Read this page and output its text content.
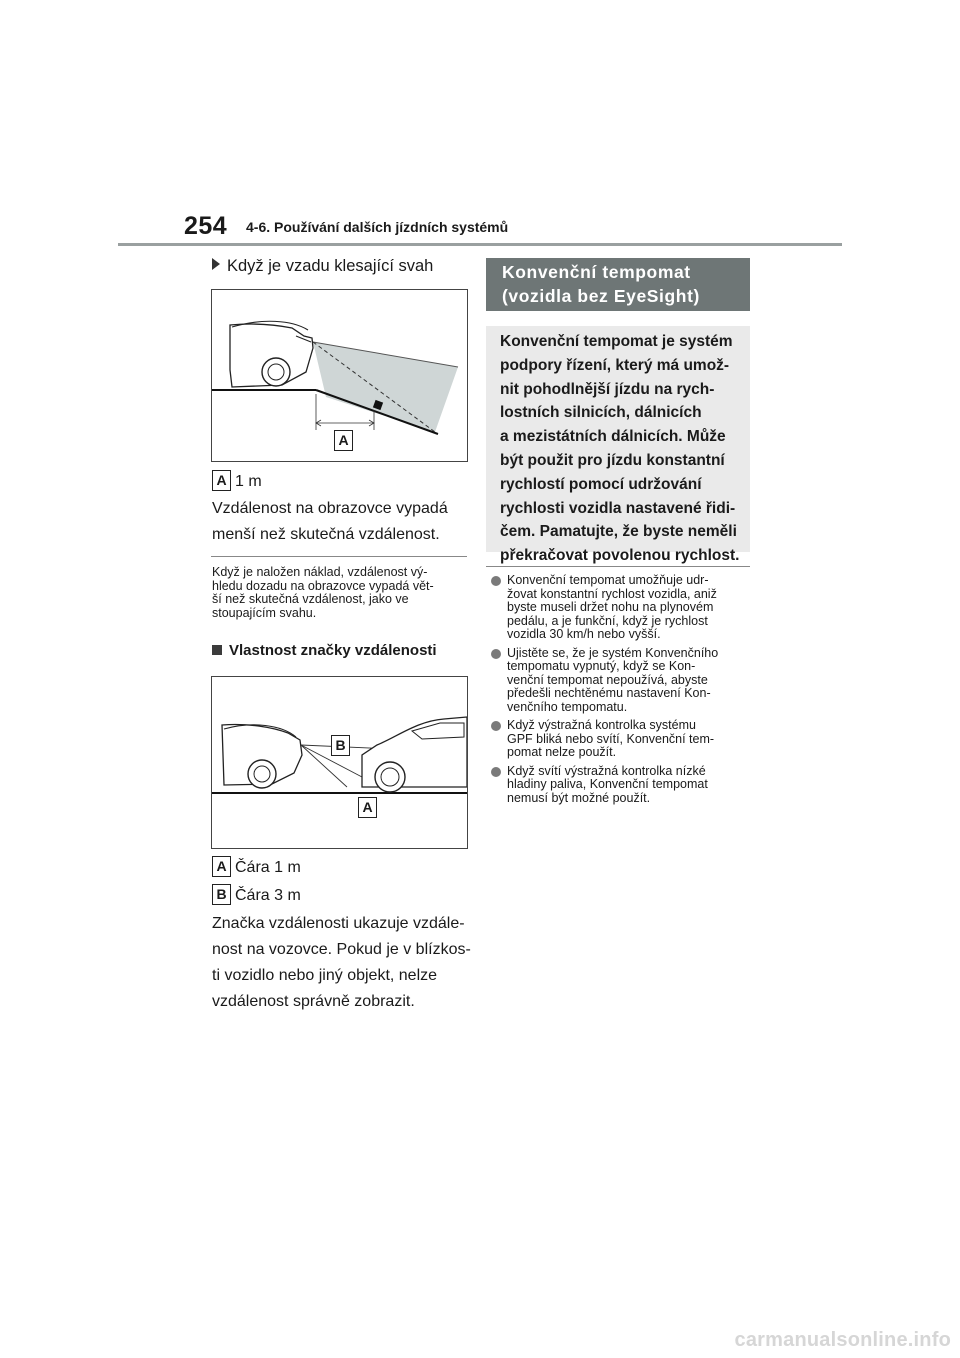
254 4-6. Používání dalších jízdních systémů
Když je vzadu klesající svah
A
A 1 m
Vzdálenost na obrazovce vypadá
menší než skutečná vzdálenost.
Když je naložen náklad, vzdálenost vý-
hledu dozadu na obrazovce vypadá vět-
ší než skutečná vzdálenost, jako ve
stoupajícím svahu.
Vlastnost značky vzdálenosti
B
A
A Čára 1 m
B Čára 3 m
Značka vzdálenosti ukazuje vzdále-
nost na vozovce. Pokud je v blízkos-
ti vozidlo nebo jiný objekt, nelze
vzdálenost správně zobrazit.
Konvenční tempomat
(vozidla bez EyeSight)
Konvenční tempomat je systém
podpory řízení, který má umož-
nit pohodlnější jízdu na rych-
lostních silnicích, dálnicích
a mezistátních dálnicích. Může
být použit pro jízdu konstantní
rychlostí pomocí udržování
rychlosti vozidla nastavené řidi-
čem. Pamatujte, že byste neměli
překračovat povolenou rychlost.
Konvenční tempomat umožňuje udr-
žovat konstantní rychlost vozidla, aniž
byste museli držet nohu na plynovém
pedálu, a je funkční, když je rychlost
vozidla 30 km/h nebo vyšší.
Ujistěte se, že je systém Konvenčního
tempomatu vypnutý, když se Kon-
venční tempomat nepoužívá, abyste
předešli nechtěnému nastavení Kon-
venčního tempomatu.
Když výstražná kontrolka systému
GPF bliká nebo svítí, Konvenční tem-
pomat nelze použít.
Když svítí výstražná kontrolka nízké
hladiny paliva, Konvenční tempomat
nemusí být možné použít.
carmanualsonline.info
